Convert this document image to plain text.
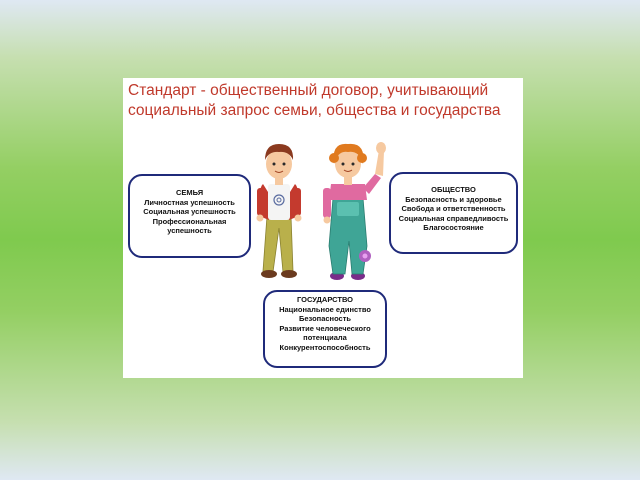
Стандарт - общественный договор, учитывающий социальный запрос семьи, общества и государства
СЕМЬЯ
Личностная успешность
Социальная успешность
Профессиональная успешность
ОБЩЕСТВО
Безопасность и здоровье
Свобода и ответственность
Социальная справедливость
Благосостояние
ГОСУДАРСТВО
Национальное единство
Безопасность
Развитие человеческого потенциала
Конкурентоспособность
